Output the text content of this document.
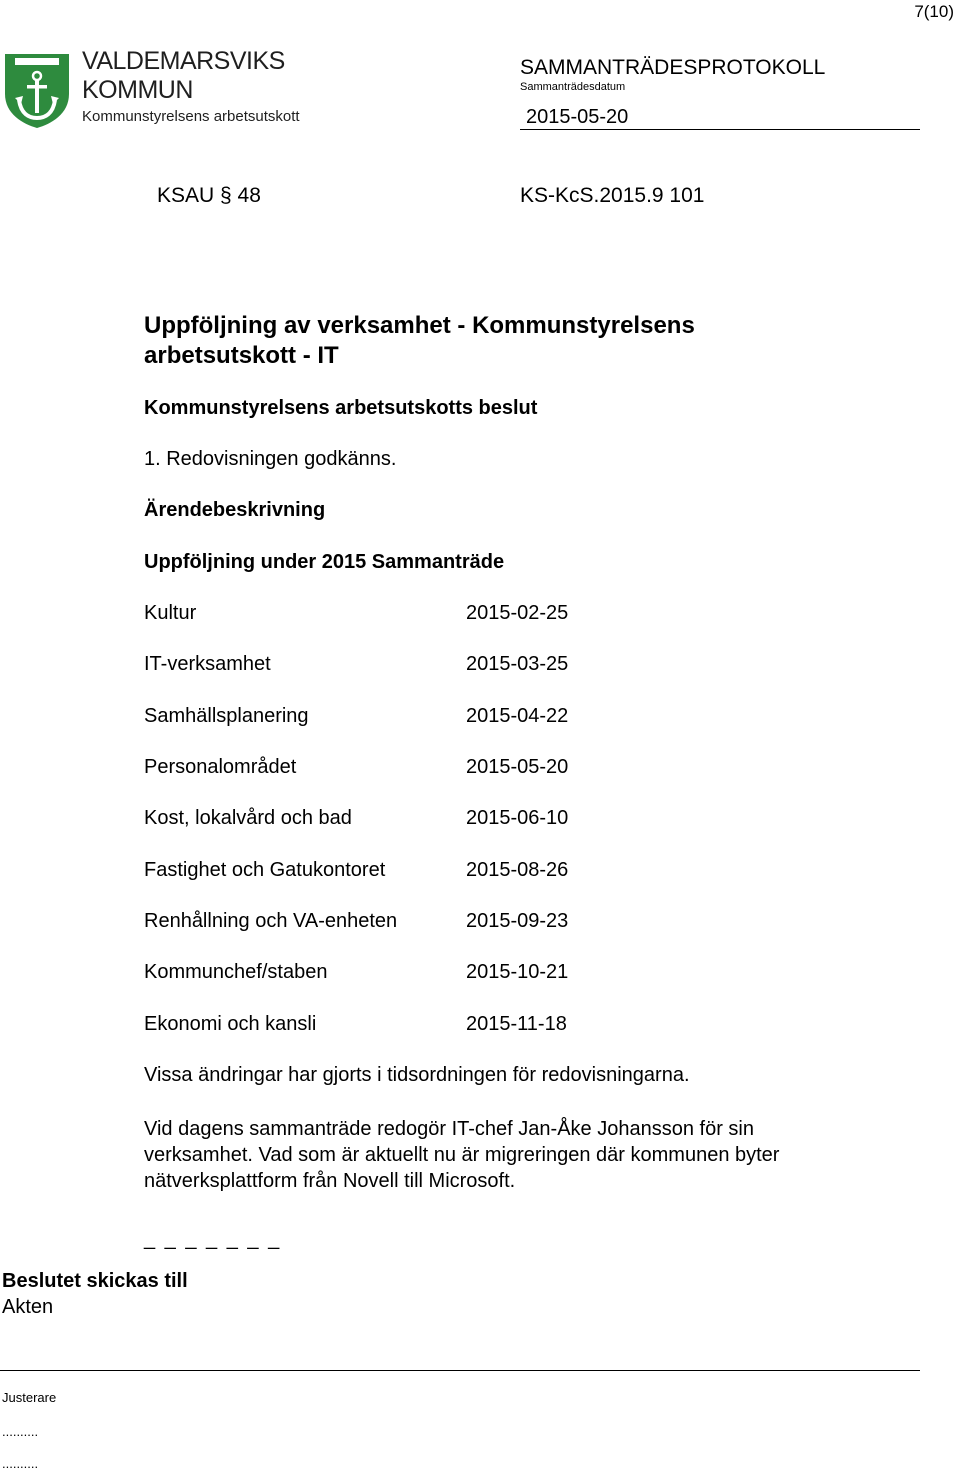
7(10)
VALDEMARSVIKS
KOMMUN
Kommunstyrelsens arbetsutskott
SAMMANTRÄDESPROTOKOLL
Sammanträdesdatum
2015-05-20
KSAU § 48	KS-KcS.2015.9 101
Uppföljning av verksamhet - Kommunstyrelsens arbetsutskott - IT
Kommunstyrelsens arbetsutskotts beslut
1. Redovisningen godkänns.
Ärendebeskrivning
Uppföljning under 2015 Sammanträde
Kultur	2015-02-25
IT-verksamhet	2015-03-25
Samhällsplanering	2015-04-22
Personalområdet	2015-05-20
Kost, lokalvård och bad	2015-06-10
Fastighet och Gatukontoret	2015-08-26
Renhållning och VA-enheten	2015-09-23
Kommunchef/staben	2015-10-21
Ekonomi och kansli	2015-11-18
Vissa ändringar har gjorts i tidsordningen för redovisningarna.
Vid dagens sammanträde redogör IT-chef Jan-Åke Johansson för sin verksamhet. Vad som är aktuellt nu är migreringen där kommunen byter nätverksplattform från Novell till Microsoft.
_ _ _ _ _ _ _
Beslutet skickas till
Akten
Justerare
..........
..........
